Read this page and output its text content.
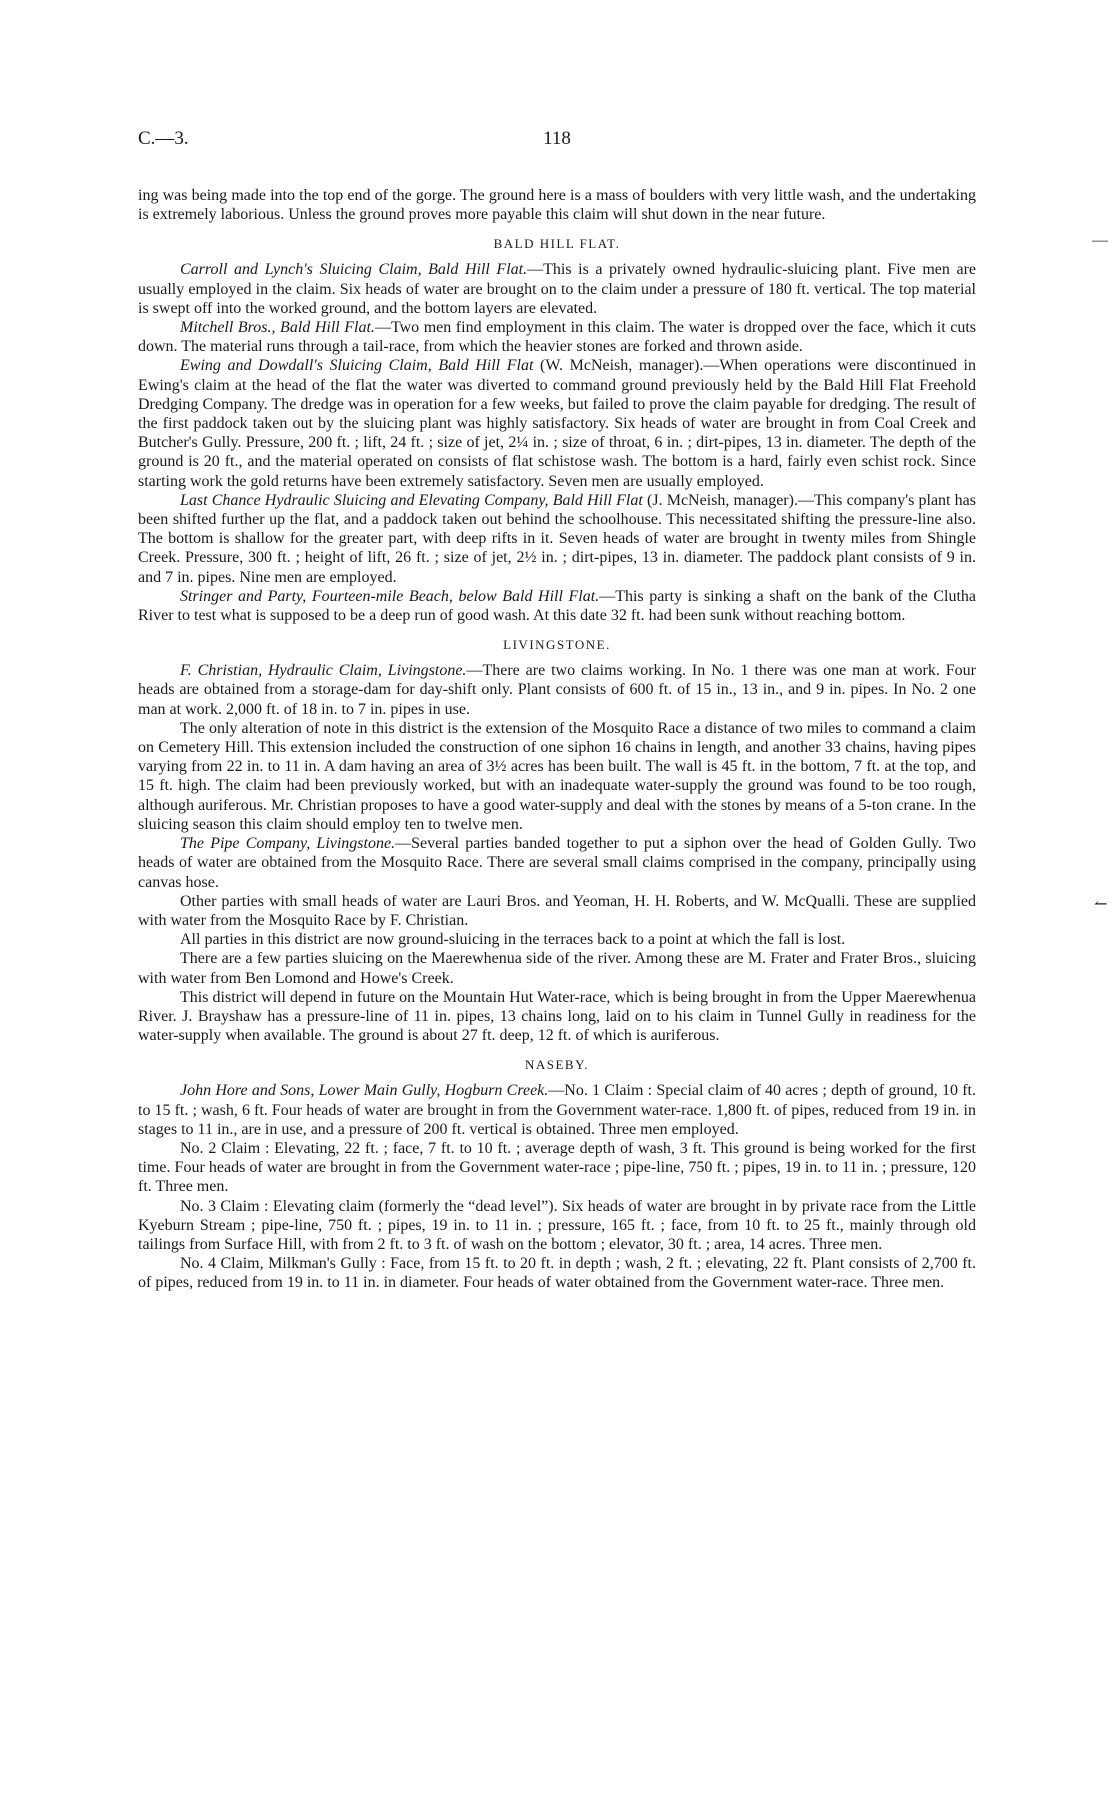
C.—3.	118
—
↼

ing was being made into the top end of the gorge. The ground here is a mass of boulders with very little wash, and the undertaking is extremely laborious. Unless the ground proves more payable this claim will shut down in the near future.

BALD HILL FLAT.

Carroll and Lynch's Sluicing Claim, Bald Hill Flat.—This is a privately owned hydraulic-sluicing plant. Five men are usually employed in the claim. Six heads of water are brought on to the claim under a pressure of 180 ft. vertical. The top material is swept off into the worked ground, and the bottom layers are elevated.

Mitchell Bros., Bald Hill Flat.—Two men find employment in this claim. The water is dropped over the face, which it cuts down. The material runs through a tail-race, from which the heavier stones are forked and thrown aside.

Ewing and Dowdall's Sluicing Claim, Bald Hill Flat (W. McNeish, manager).—When operations were discontinued in Ewing's claim at the head of the flat the water was diverted to command ground previously held by the Bald Hill Flat Freehold Dredging Company. The dredge was in operation for a few weeks, but failed to prove the claim payable for dredging. The result of the first paddock taken out by the sluicing plant was highly satisfactory. Six heads of water are brought in from Coal Creek and Butcher's Gully. Pressure, 200 ft. ; lift, 24 ft. ; size of jet, 2¼ in. ; size of throat, 6 in. ; dirt-pipes, 13 in. diameter. The depth of the ground is 20 ft., and the material operated on consists of flat schistose wash. The bottom is a hard, fairly even schist rock. Since starting work the gold returns have been extremely satisfactory. Seven men are usually employed.

Last Chance Hydraulic Sluicing and Elevating Company, Bald Hill Flat (J. McNeish, manager).—This company's plant has been shifted further up the flat, and a paddock taken out behind the schoolhouse. This necessitated shifting the pressure-line also. The bottom is shallow for the greater part, with deep rifts in it. Seven heads of water are brought in twenty miles from Shingle Creek. Pressure, 300 ft. ; height of lift, 26 ft. ; size of jet, 2½ in. ; dirt-pipes, 13 in. diameter. The paddock plant consists of 9 in. and 7 in. pipes. Nine men are employed.

Stringer and Party, Fourteen-mile Beach, below Bald Hill Flat.—This party is sinking a shaft on the bank of the Clutha River to test what is supposed to be a deep run of good wash. At this date 32 ft. had been sunk without reaching bottom.

LIVINGSTONE.

F. Christian, Hydraulic Claim, Livingstone.—There are two claims working. In No. 1 there was one man at work. Four heads are obtained from a storage-dam for day-shift only. Plant consists of 600 ft. of 15 in., 13 in., and 9 in. pipes. In No. 2 one man at work. 2,000 ft. of 18 in. to 7 in. pipes in use.

The only alteration of note in this district is the extension of the Mosquito Race a distance of two miles to command a claim on Cemetery Hill. This extension included the construction of one siphon 16 chains in length, and another 33 chains, having pipes varying from 22 in. to 11 in. A dam having an area of 3½ acres has been built. The wall is 45 ft. in the bottom, 7 ft. at the top, and 15 ft. high. The claim had been previously worked, but with an inadequate water-supply the ground was found to be too rough, although auriferous. Mr. Christian proposes to have a good water-supply and deal with the stones by means of a 5-ton crane. In the sluicing season this claim should employ ten to twelve men.

The Pipe Company, Livingstone.—Several parties banded together to put a siphon over the head of Golden Gully. Two heads of water are obtained from the Mosquito Race. There are several small claims comprised in the company, principally using canvas hose.

Other parties with small heads of water are Lauri Bros. and Yeoman, H. H. Roberts, and W. McQualli. These are supplied with water from the Mosquito Race by F. Christian.

All parties in this district are now ground-sluicing in the terraces back to a point at which the fall is lost.

There are a few parties sluicing on the Maerewhenua side of the river. Among these are M. Frater and Frater Bros., sluicing with water from Ben Lomond and Howe's Creek.

This district will depend in future on the Mountain Hut Water-race, which is being brought in from the Upper Maerewhenua River. J. Brayshaw has a pressure-line of 11 in. pipes, 13 chains long, laid on to his claim in Tunnel Gully in readiness for the water-supply when available. The ground is about 27 ft. deep, 12 ft. of which is auriferous.

NASEBY.

John Hore and Sons, Lower Main Gully, Hogburn Creek.—No. 1 Claim : Special claim of 40 acres ; depth of ground, 10 ft. to 15 ft. ; wash, 6 ft. Four heads of water are brought in from the Government water-race. 1,800 ft. of pipes, reduced from 19 in. in stages to 11 in., are in use, and a pressure of 200 ft. vertical is obtained. Three men employed.

No. 2 Claim : Elevating, 22 ft. ; face, 7 ft. to 10 ft. ; average depth of wash, 3 ft. This ground is being worked for the first time. Four heads of water are brought in from the Government water-race ; pipe-line, 750 ft. ; pipes, 19 in. to 11 in. ; pressure, 120 ft. Three men.

No. 3 Claim : Elevating claim (formerly the “dead level”). Six heads of water are brought in by private race from the Little Kyeburn Stream ; pipe-line, 750 ft. ; pipes, 19 in. to 11 in. ; pressure, 165 ft. ; face, from 10 ft. to 25 ft., mainly through old tailings from Surface Hill, with from 2 ft. to 3 ft. of wash on the bottom ; elevator, 30 ft. ; area, 14 acres. Three men.

No. 4 Claim, Milkman's Gully : Face, from 15 ft. to 20 ft. in depth ; wash, 2 ft. ; elevating, 22 ft. Plant consists of 2,700 ft. of pipes, reduced from 19 in. to 11 in. in diameter. Four heads of water obtained from the Government water-race. Three men.
